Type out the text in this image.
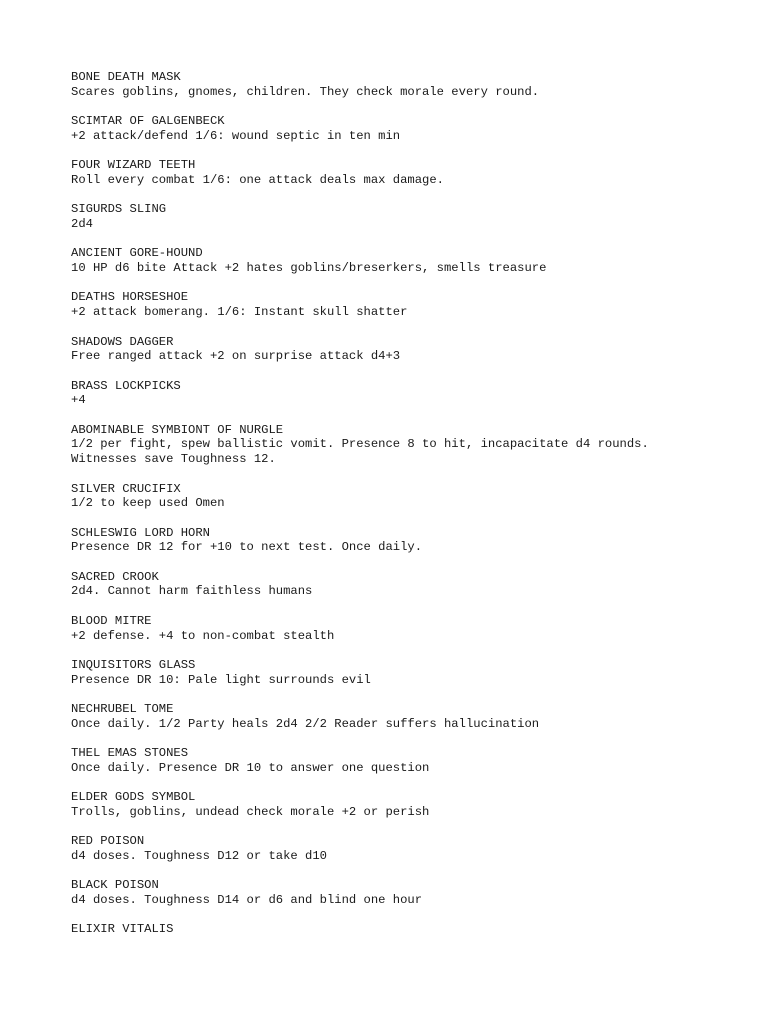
BONE DEATH MASK
Scares goblins, gnomes, children. They check morale every round.
SCIMTAR OF GALGENBECK
+2 attack/defend 1/6: wound septic in ten min
FOUR WIZARD TEETH
Roll every combat 1/6: one attack deals max damage.
SIGURDS SLING
2d4
ANCIENT GORE-HOUND
10 HP d6 bite Attack +2 hates goblins/breserkers, smells treasure
DEATHS HORSESHOE
+2 attack bomerang. 1/6: Instant skull shatter
SHADOWS DAGGER
Free ranged attack +2 on surprise attack d4+3
BRASS LOCKPICKS
+4
ABOMINABLE SYMBIONT OF NURGLE
1/2 per fight, spew ballistic vomit. Presence 8 to hit, incapacitate d4 rounds.
Witnesses save Toughness 12.
SILVER CRUCIFIX
1/2 to keep used Omen
SCHLESWIG LORD HORN
Presence DR 12 for +10 to next test. Once daily.
SACRED CROOK
2d4. Cannot harm faithless humans
BLOOD MITRE
+2 defense. +4 to non-combat stealth
INQUISITORS GLASS
Presence DR 10: Pale light surrounds evil
NECHRUBEL TOME
Once daily. 1/2 Party heals 2d4 2/2 Reader suffers hallucination
THEL EMAS STONES
Once daily. Presence DR 10 to answer one question
ELDER GODS SYMBOL
Trolls, goblins, undead check morale +2 or perish
RED POISON
d4 doses. Toughness D12 or take d10
BLACK POISON
d4 doses. Toughness D14 or d6 and blind one hour
ELIXIR VITALIS
